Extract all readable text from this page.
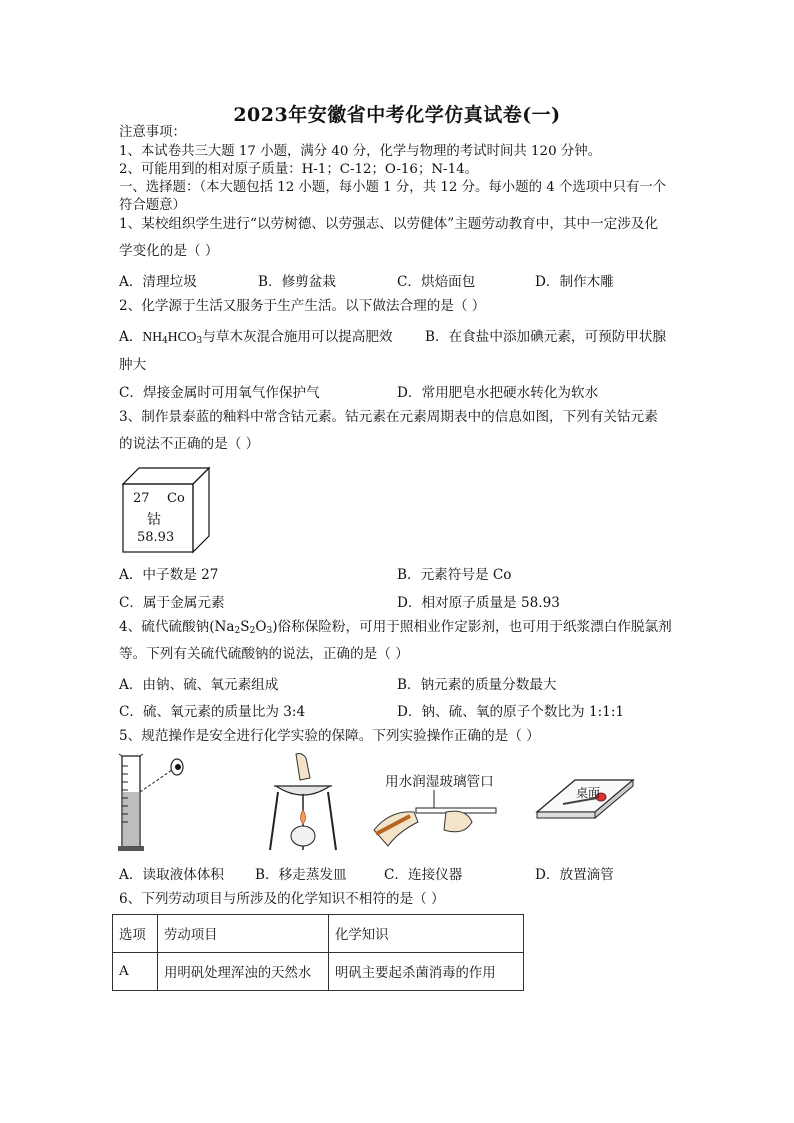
2023年安徽省中考化学仿真试卷(一)
注意事项：
1、本试卷共三大题 17 小题，满分 40 分，化学与物理的考试时间共 120 分钟。
2、可能用到的相对原子质量：H-1；C-12；O-16；N-14。
一、选择题：（本大题包括 12 小题，每小题 1 分，共 12 分。每小题的 4 个选项中只有一个
符合题意）
1、某校组织学生进行“以劳树德、以劳强志、以劳健体”主题劳动教育中，其中一定涉及化
学变化的是（ ）
A．清理垃圾	B．修剪盆栽	C．烘焙面包	D．制作木雕
2、化学源于生活又服务于生产生活。以下做法合理的是（ ）
A．$NH_4HCO_3$与草木灰混合施用可以提高肥效 B．在食盐中添加碘元素，可预防甲状腺
肿大
C．焊接金属时可用氧气作保护气	D．常用肥皂水把硬水转化为软水
3、制作景泰蓝的釉料中常含钴元素。钴元素在元素周期表中的信息如图，下列有关钴元素
的说法不正确的是（ ）
27 Co
钴
58.93
A．中子数是 27	B．元素符号是 Co
C．属于金属元素	D．相对原子质量是 58.93
4、硫代硫酸钠$(Na_2S_2O_3)$俗称保险粉，可用于照相业作定影剂，也可用于纸浆漂白作脱氯剂
等。下列有关硫代硫酸钠的说法，正确的是（ ）
A．由钠、硫、氧元素组成	B．钠元素的质量分数最大
C．硫、氧元素的质量比为 3:4	D．钠、硫、氧的原子个数比为 1:1:1
5、规范操作是安全进行化学实验的保障。下列实验操作正确的是（ ）
用水润湿玻璃管口
桌面
A．读取液体体积 B．移走蒸发皿	C．连接仪器	D．放置滴管
6、下列劳动项目与所涉及的化学知识不相符的是（ ）
选项	劳动项目	化学知识
A	用明矾处理浑浊的天然水	明矾主要起杀菌消毒的作用
